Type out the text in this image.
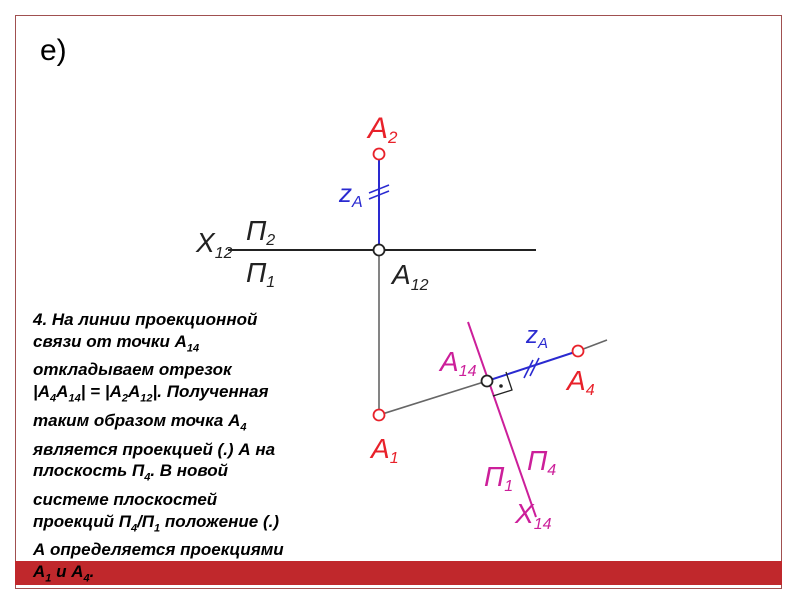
е)
A2
zA
$X_{12}$
П2
П1	$A_{12}$
A14
$z_A$
A4
A1
П1
П4
$X_{14}$
4. На линии проекционной
связи от точки $А_{14}$
откладываем отрезок
$|А_4А_{14}| = |А_2А_{12}|$. Полученная
таким образом точка $А_4$
является проекцией (.) А на
плоскость $П_4$. В новой
системе плоскостей
проекций $П_4/П_1$ положение (.)
А определяется проекциями
$А_1$ и $А_4$.
